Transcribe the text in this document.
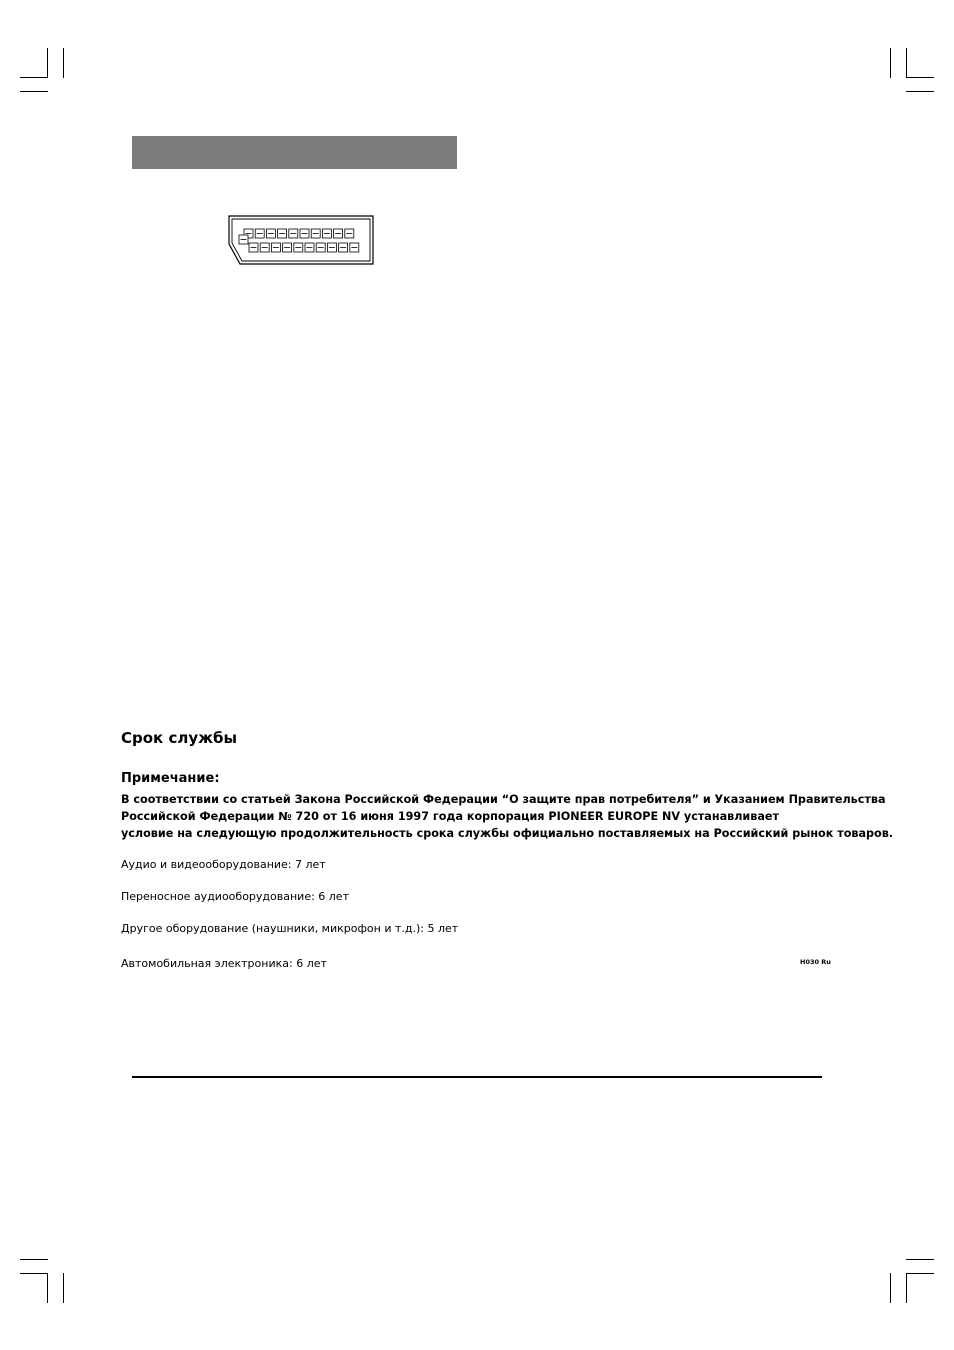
Срок службы
Примечание:
В соответствии со статьей Закона Российской Федерации “О защите прав потребителя” и Указанием Правительства
Российской Федерации № 720 от 16 июня 1997 года корпорация PIONEER EUROPE NV устанавливает
условие на следующую продолжительность срока службы официально поставляемых на Российский рынок товаров.
Аудио и видеооборудование: 7 лет
Переносное аудиооборудование: 6 лет
Другое оборудование (наушники, микрофон и т.д.): 5 лет
Автомобильная электроника: 6 лет	H030 Ru
